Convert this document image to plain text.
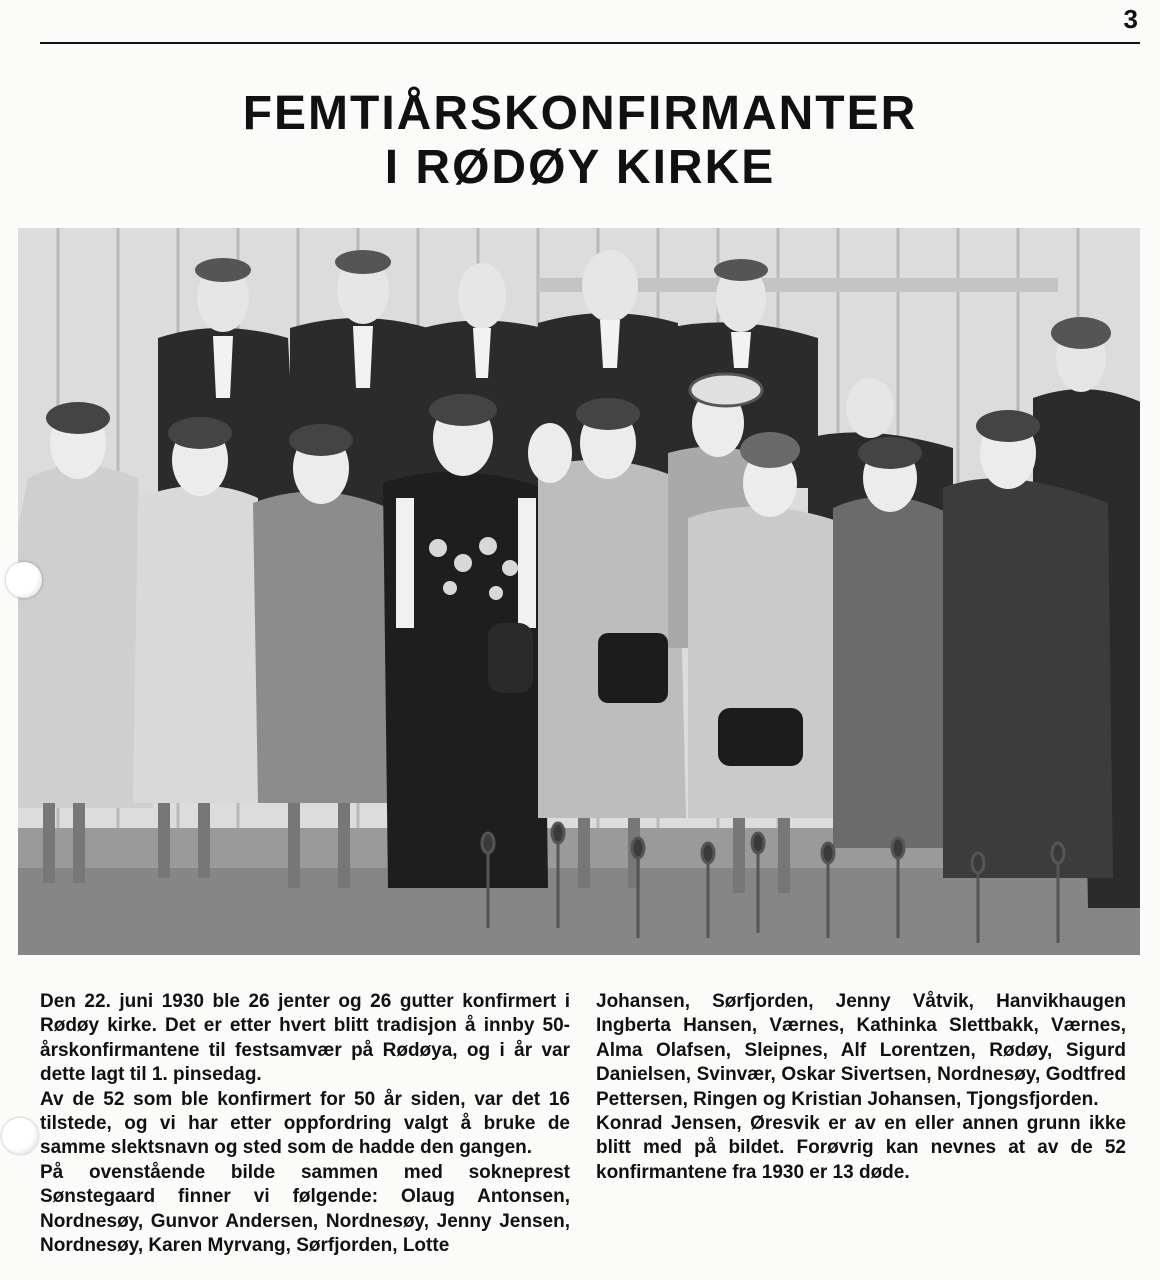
3
FEMTIÅRSKONFIRMANTER
I RØDØY KIRKE

Den 22. juni 1930 ble 26 jenter og 26 gutter konfirmert i Rødøy kirke. Det er etter hvert blitt tradisjon å innby 50-årskonfirmantene til festsamvær på Rødøya, og i år var dette lagt til 1. pinsedag.

Av de 52 som ble konfirmert for 50 år siden, var det 16 tilstede, og vi har etter oppfordring valgt å bruke de samme slektsnavn og sted som de hadde den gangen.

På ovenstående bilde sammen med sokneprest Sønstegaard finner vi følgende: Olaug Antonsen, Nordnesøy, Gunvor Andersen, Nordnesøy, Jenny Jensen, Nordnesøy, Karen Myrvang, Sørfjorden, Lotte

Johansen, Sørfjorden, Jenny Våtvik, Hanvikhaugen Ingberta Hansen, Værnes, Kathinka Slettbakk, Værnes, Alma Olafsen, Sleipnes, Alf Lorentzen, Rødøy, Sigurd Danielsen, Svinvær, Oskar Sivertsen, Nordnesøy, Godtfred Pettersen, Ringen og Kristian Johansen, Tjongsfjorden.

Konrad Jensen, Øresvik er av en eller annen grunn ikke blitt med på bildet. Forøvrig kan nevnes at av de 52 konfirmantene fra 1930 er 13 døde.
